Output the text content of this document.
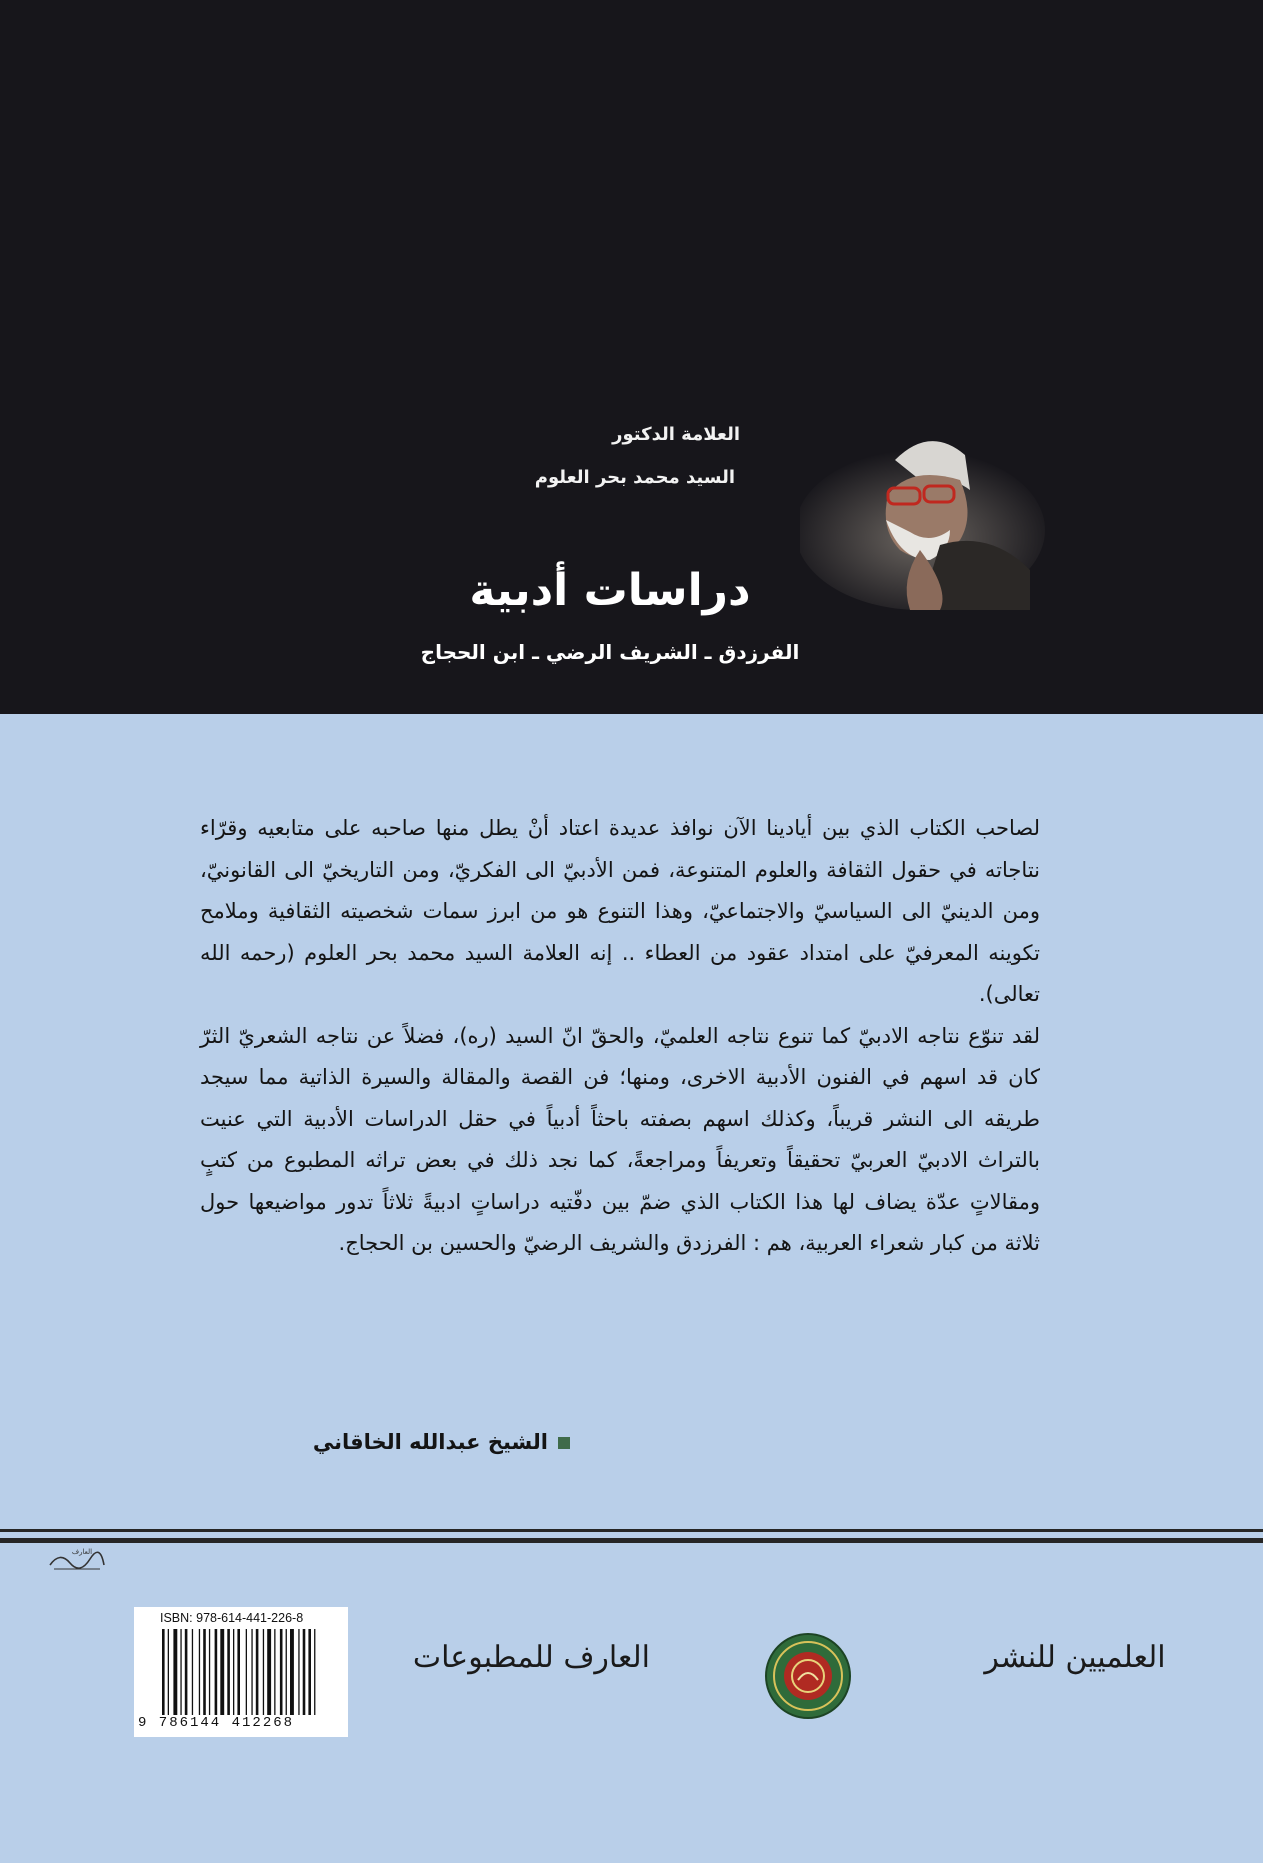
العلامة الدكتور
السيد محمد بحر العلوم
دراسات أدبية
الفرزدق ـ الشريف الرضي ـ ابن الحجاج

لصاحب الكتاب الذي بين أيادينا الآن نوافذ عديدة اعتاد أنْ يطل منها صاحبه على متابعيه وقرّاء نتاجاته في حقول الثقافة والعلوم المتنوعة، فمن الأدبيّ الى الفكريّ، ومن التاريخيّ الى القانونيّ، ومن الدينيّ الى السياسيّ والاجتماعيّ، وهذا التنوع هو من ابرز سمات شخصيته الثقافية وملامح تكوينه المعرفيّ على امتداد عقود من العطاء .. إنه العلامة السيد محمد بحر العلوم (رحمه الله تعالى).

لقد تنوّع نتاجه الادبيّ كما تنوع نتاجه العلميّ، والحقّ انّ السيد (ره)، فضلاً عن نتاجه الشعريّ الثرّ كان قد اسهم في الفنون الأدبية الاخرى، ومنها؛ فن القصة والمقالة والسيرة الذاتية مما سيجد طريقه الى النشر قريباً، وكذلك اسهم بصفته باحثاً أدبياً في حقل الدراسات الأدبية التي عنيت بالتراث الادبيّ العربيّ تحقيقاً وتعريفاً ومراجعةً، كما نجد ذلك في بعض تراثه المطبوع من كتبٍ ومقالاتٍ عدّة يضاف لها هذا الكتاب الذي ضمّ بين دفّتيه دراساتٍ ادبيةً ثلاثاً تدور مواضيعها حول ثلاثة من كبار شعراء العربية، هم : الفرزدق والشريف الرضيّ والحسين بن الحجاج.

الشيخ عبدالله الخاقاني
العارف
ISBN: 978-614-441-226-8
9 786144 412268
العارف للمطبوعات	العلميين للنشر
